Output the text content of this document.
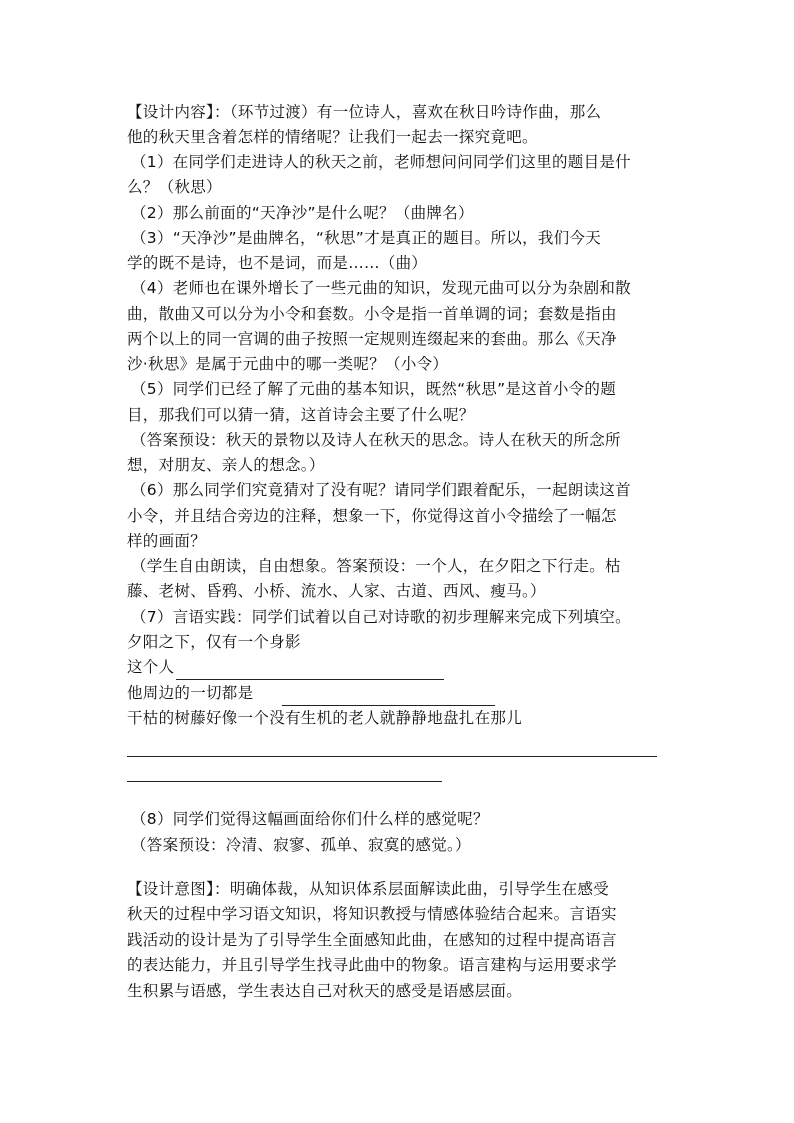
【设计内容】：（环节过渡）有一位诗人，喜欢在秋日吟诗作曲，那么
他的秋天里含着怎样的情绪呢？让我们一起去一探究竟吧。
（1）在同学们走进诗人的秋天之前，老师想问问同学们这里的题目是什
么？（秋思）
（2）那么前面的“天净沙”是什么呢？（曲牌名）
（3）“天净沙”是曲牌名，“秋思”才是真正的题目。所以，我们今天
学的既不是诗，也不是词，而是……（曲）
（4）老师也在课外增长了一些元曲的知识，发现元曲可以分为杂剧和散
曲，散曲又可以分为小令和套数。小令是指一首单调的词；套数是指由
两个以上的同一宫调的曲子按照一定规则连缀起来的套曲。那么《天净
沙·秋思》是属于元曲中的哪一类呢？（小令）
（5）同学们已经了解了元曲的基本知识，既然“秋思”是这首小令的题
目，那我们可以猜一猜，这首诗会主要了什么呢？
（答案预设：秋天的景物以及诗人在秋天的思念。诗人在秋天的所念所
想，对朋友、亲人的想念。）
（6）那么同学们究竟猜对了没有呢？请同学们跟着配乐，一起朗读这首
小令，并且结合旁边的注释，想象一下，你觉得这首小令描绘了一幅怎
样的画面？
（学生自由朗读，自由想象。答案预设：一个人，在夕阳之下行走。枯
藤、老树、昏鸦、小桥、流水、人家、古道、西风、瘦马。）
（7）言语实践：同学们试着以自己对诗歌的初步理解来完成下列填空。
夕阳之下，仅有一个身影
这个人
他周边的一切都是
干枯的树藤好像一个没有生机的老人就静静地盘扎在那儿
（8）同学们觉得这幅画面给你们什么样的感觉呢？
（答案预设：冷清、寂寥、孤单、寂寞的感觉。）
【设计意图】：明确体裁，从知识体系层面解读此曲，引导学生在感受
秋天的过程中学习语文知识，将知识教授与情感体验结合起来。言语实
践活动的设计是为了引导学生全面感知此曲，在感知的过程中提高语言
的表达能力，并且引导学生找寻此曲中的物象。语言建构与运用要求学
生积累与语感，学生表达自己对秋天的感受是语感层面。
